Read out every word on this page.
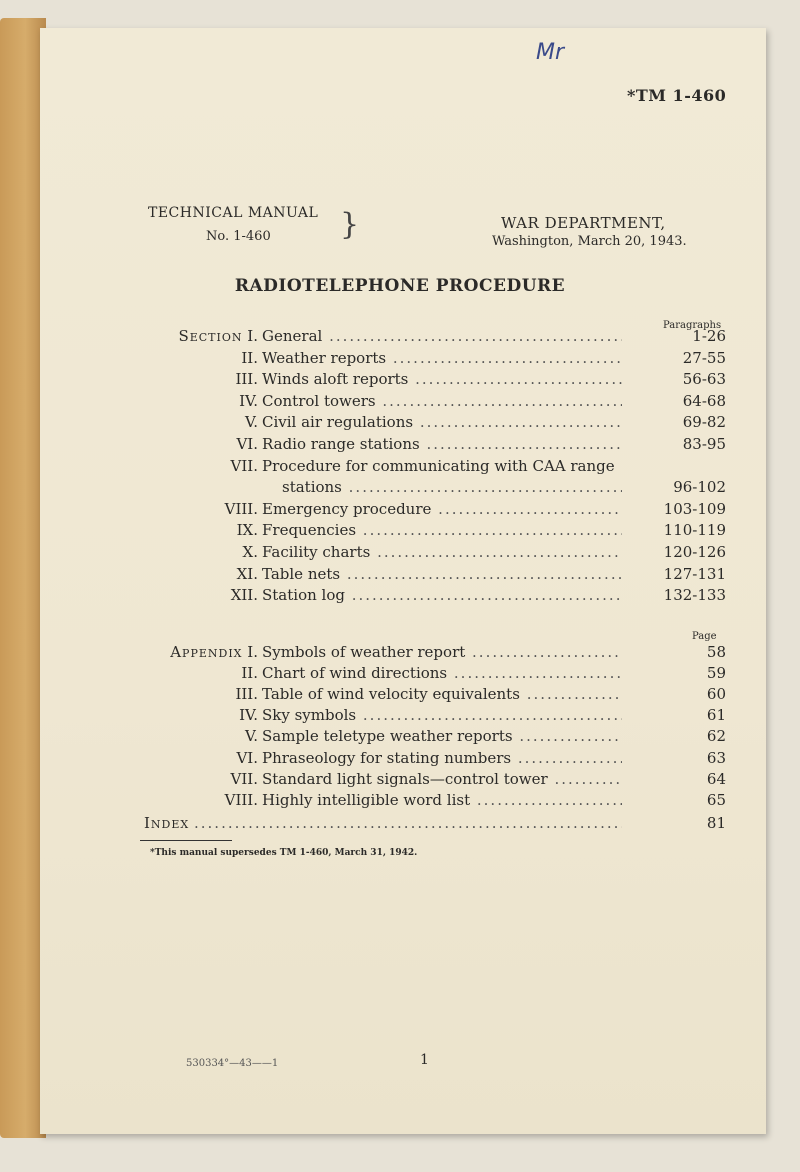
Mr
*TM 1-460
TECHNICAL MANUAL
No. 1-460 }	WAR DEPARTMENT,
Washington, March 20, 1943.
RADIOTELEPHONE PROCEDURE
Paragraphs
Section I. General .....	1-26
II. Weather reports .....	27-55
III. Winds aloft reports .....	56-63
IV. Control towers .....	64-68
V. Civil air regulations .....	69-82
VI. Radio range stations .....	83-95
VII. Procedure for communicating with CAA range
stations .....	96-102
VIII. Emergency procedure .....	103-109
IX. Frequencies .....	110-119
X. Facility charts .....	120-126
XI. Table nets .....	127-131
XII. Station log .....	132-133
Page
Appendix I. Symbols of weather report .....	58
II. Chart of wind directions .....	59
III. Table of wind velocity equivalents .....	60
IV. Sky symbols .....	61
V. Sample teletype weather reports .....	62
VI. Phraseology for stating numbers .....	63
VII. Standard light signals—control tower .....	64
VIII. Highly intelligible word list .....	65
Index .....	81
*This manual supersedes TM 1-460, March 31, 1942.
530334°—43——1	1
